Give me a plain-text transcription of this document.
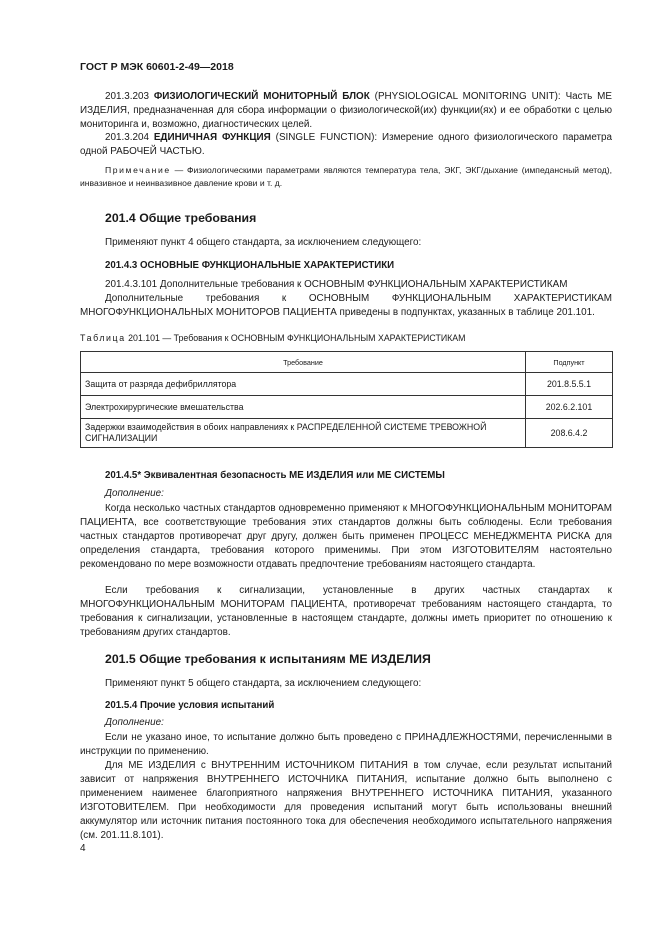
ГОСТ Р МЭК 60601-2-49—2018

201.3.203 ФИЗИОЛОГИЧЕСКИЙ МОНИТОРНЫЙ БЛОК (PHYSIOLOGICAL MONITORING UNIT): Часть МЕ ИЗДЕЛИЯ, предназначенная для сбора информации о физиологической(их) функции(ях) и ее обработки с целью мониторинга и, возможно, диагностических целей.

201.3.204 ЕДИНИЧНАЯ ФУНКЦИЯ (SINGLE FUNCTION): Измерение одного физиологического параметра одной РАБОЧЕЙ ЧАСТЬЮ.

Примечание — Физиологическими параметрами являются температура тела, ЭКГ, ЭКГ/дыхание (импедансный метод), инвазивное и неинвазивное давление крови и т. д.

201.4 Общие требования

Применяют пункт 4 общего стандарта, за исключением следующего:

201.4.3 ОСНОВНЫЕ ФУНКЦИОНАЛЬНЫЕ ХАРАКТЕРИСТИКИ

201.4.3.101 Дополнительные требования к ОСНОВНЫМ ФУНКЦИОНАЛЬНЫМ ХАРАКТЕРИСТИКАМ

Дополнительные требования к ОСНОВНЫМ ФУНКЦИОНАЛЬНЫМ ХАРАКТЕРИСТИКАМ МНОГОФУНКЦИОНАЛЬНЫХ МОНИТОРОВ ПАЦИЕНТА приведены в подпунктах, указанных в таблице 201.101.

Таблица 201.101 — Требования к ОСНОВНЫМ ФУНКЦИОНАЛЬНЫМ ХАРАКТЕРИСТИКАМ
Требование	Подпункт
Защита от разряда дефибриллятора	201.8.5.5.1
Электрохирургические вмешательства	202.6.2.101
Задержки взаимодействия в обоих направлениях к РАСПРЕДЕЛЕННОЙ СИСТЕМЕ ТРЕВОЖНОЙ СИГНАЛИЗАЦИИ	208.6.4.2
201.4.5* Эквивалентная безопасность МЕ ИЗДЕЛИЯ или МЕ СИСТЕМЫ

Дополнение:

Когда несколько частных стандартов одновременно применяют к МНОГОФУНКЦИОНАЛЬНЫМ МОНИТОРАМ ПАЦИЕНТА, все соответствующие требования этих стандартов должны быть соблюдены. Если требования частных стандартов противоречат друг другу, должен быть применен ПРОЦЕСС МЕНЕДЖМЕНТА РИСКА для определения стандарта, требования которого применимы. При этом ИЗГОТОВИТЕЛЯМ настоятельно рекомендовано по мере возможности отдавать предпочтение требованиям настоящего стандарта.

Если требования к сигнализации, установленные в других частных стандартах к МНОГОФУНКЦИОНАЛЬНЫМ МОНИТОРАМ ПАЦИЕНТА, противоречат требованиям настоящего стандарта, то требования к сигнализации, установленные в настоящем стандарте, должны иметь приоритет по отношению к требованиям других стандартов.

201.5 Общие требования к испытаниям МЕ ИЗДЕЛИЯ

Применяют пункт 5 общего стандарта, за исключением следующего:

201.5.4 Прочие условия испытаний

Дополнение:

Если не указано иное, то испытание должно быть проведено с ПРИНАДЛЕЖНОСТЯМИ, перечисленными в инструкции по применению.

Для МЕ ИЗДЕЛИЯ с ВНУТРЕННИМ ИСТОЧНИКОМ ПИТАНИЯ в том случае, если результат испытаний зависит от напряжения ВНУТРЕННЕГО ИСТОЧНИКА ПИТАНИЯ, испытание должно быть выполнено с применением наименее благоприятного напряжения ВНУТРЕННЕГО ИСТОЧНИКА ПИТАНИЯ, указанного ИЗГОТОВИТЕЛЕМ. При необходимости для проведения испытаний могут быть использованы внешний аккумулятор или источник питания постоянного тока для обеспечения необходимого испытательного напряжения (см. 201.11.8.101).

4
